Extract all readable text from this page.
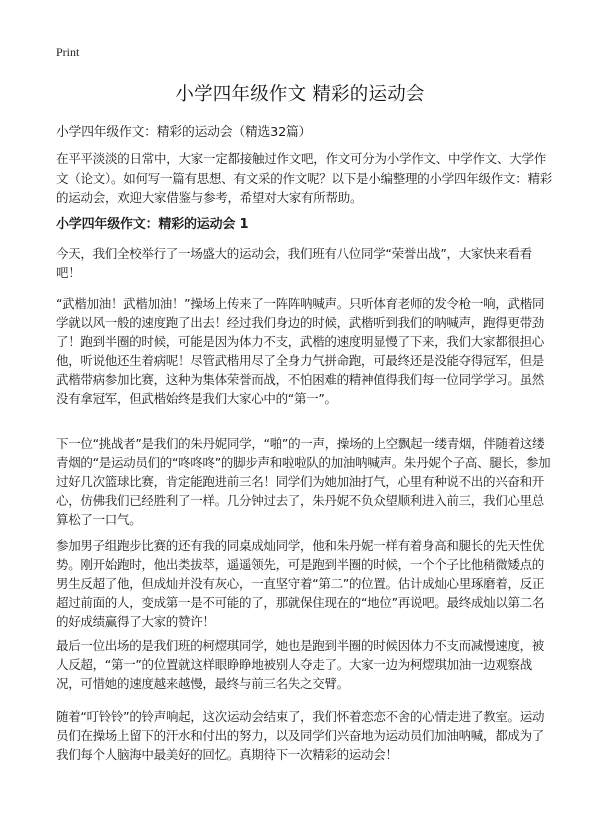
Print
小学四年级作文 精彩的运动会

小学四年级作文：精彩的运动会（精选32篇）

在平平淡淡的日常中，大家一定都接触过作文吧，作文可分为小学作文、中学作文、大学作文（论文）。如何写一篇有思想、有文采的作文呢？以下是小编整理的小学四年级作文：精彩的运动会，欢迎大家借鉴与参考，希望对大家有所帮助。

小学四年级作文：精彩的运动会 1

今天，我们全校举行了一场盛大的运动会，我们班有八位同学“荣誉出战”，大家快来看看吧！

“武楷加油！武楷加油！”操场上传来了一阵阵呐喊声。只听体育老师的发令枪一响，武楷同学就以风一般的速度跑了出去！经过我们身边的时候，武楷听到我们的呐喊声，跑得更带劲了！跑到半圈的时候，可能是因为体力不支，武楷的速度明显慢了下来，我们大家都很担心他，听说他还生着病呢！尽管武楷用尽了全身力气拼命跑，可最终还是没能夺得冠军，但是武楷带病参加比赛，这种为集体荣誉而战，不怕困难的精神值得我们每一位同学学习。虽然没有拿冠军，但武楷始终是我们大家心中的“第一”。

下一位“挑战者”是我们的朱丹妮同学，“啪”的一声，操场的上空飘起一缕青烟，伴随着这缕青烟的“是运动员们的“咚咚咚”的脚步声和啦啦队的加油呐喊声。朱丹妮个子高、腿长，参加过好几次篮球比赛，肯定能跑进前三名！同学们为她加油打气，心里有种说不出的兴奋和开心，仿佛我们已经胜利了一样。几分钟过去了，朱丹妮不负众望顺利进入前三，我们心里总算松了一口气。

参加男子组跑步比赛的还有我的同桌成灿同学，他和朱丹妮一样有着身高和腿长的先天性优势。刚开始跑时，他出类拔萃，遥遥领先，可是跑到半圈的时候，一个个子比他稍微矮点的男生反超了他，但成灿并没有灰心，一直坚守着“第二”的位置。估计成灿心里琢磨着，反正超过前面的人，变成第一是不可能的了，那就保住现在的“地位”再说吧。最终成灿以第二名的好成绩赢得了大家的赞许！

最后一位出场的是我们班的柯熤琪同学，她也是跑到半圈的时候因体力不支而减慢速度，被人反超，“第一”的位置就这样眼睁睁地被别人夺走了。大家一边为柯熤琪加油一边观察战况，可惜她的速度越来越慢，最终与前三名失之交臂。

随着“叮铃铃”的铃声响起，这次运动会结束了，我们怀着恋恋不舍的心情走进了教室。运动员们在操场上留下的汗水和付出的努力，以及同学们兴奋地为运动员们加油呐喊，都成为了我们每个人脑海中最美好的回忆。真期待下一次精彩的运动会！
